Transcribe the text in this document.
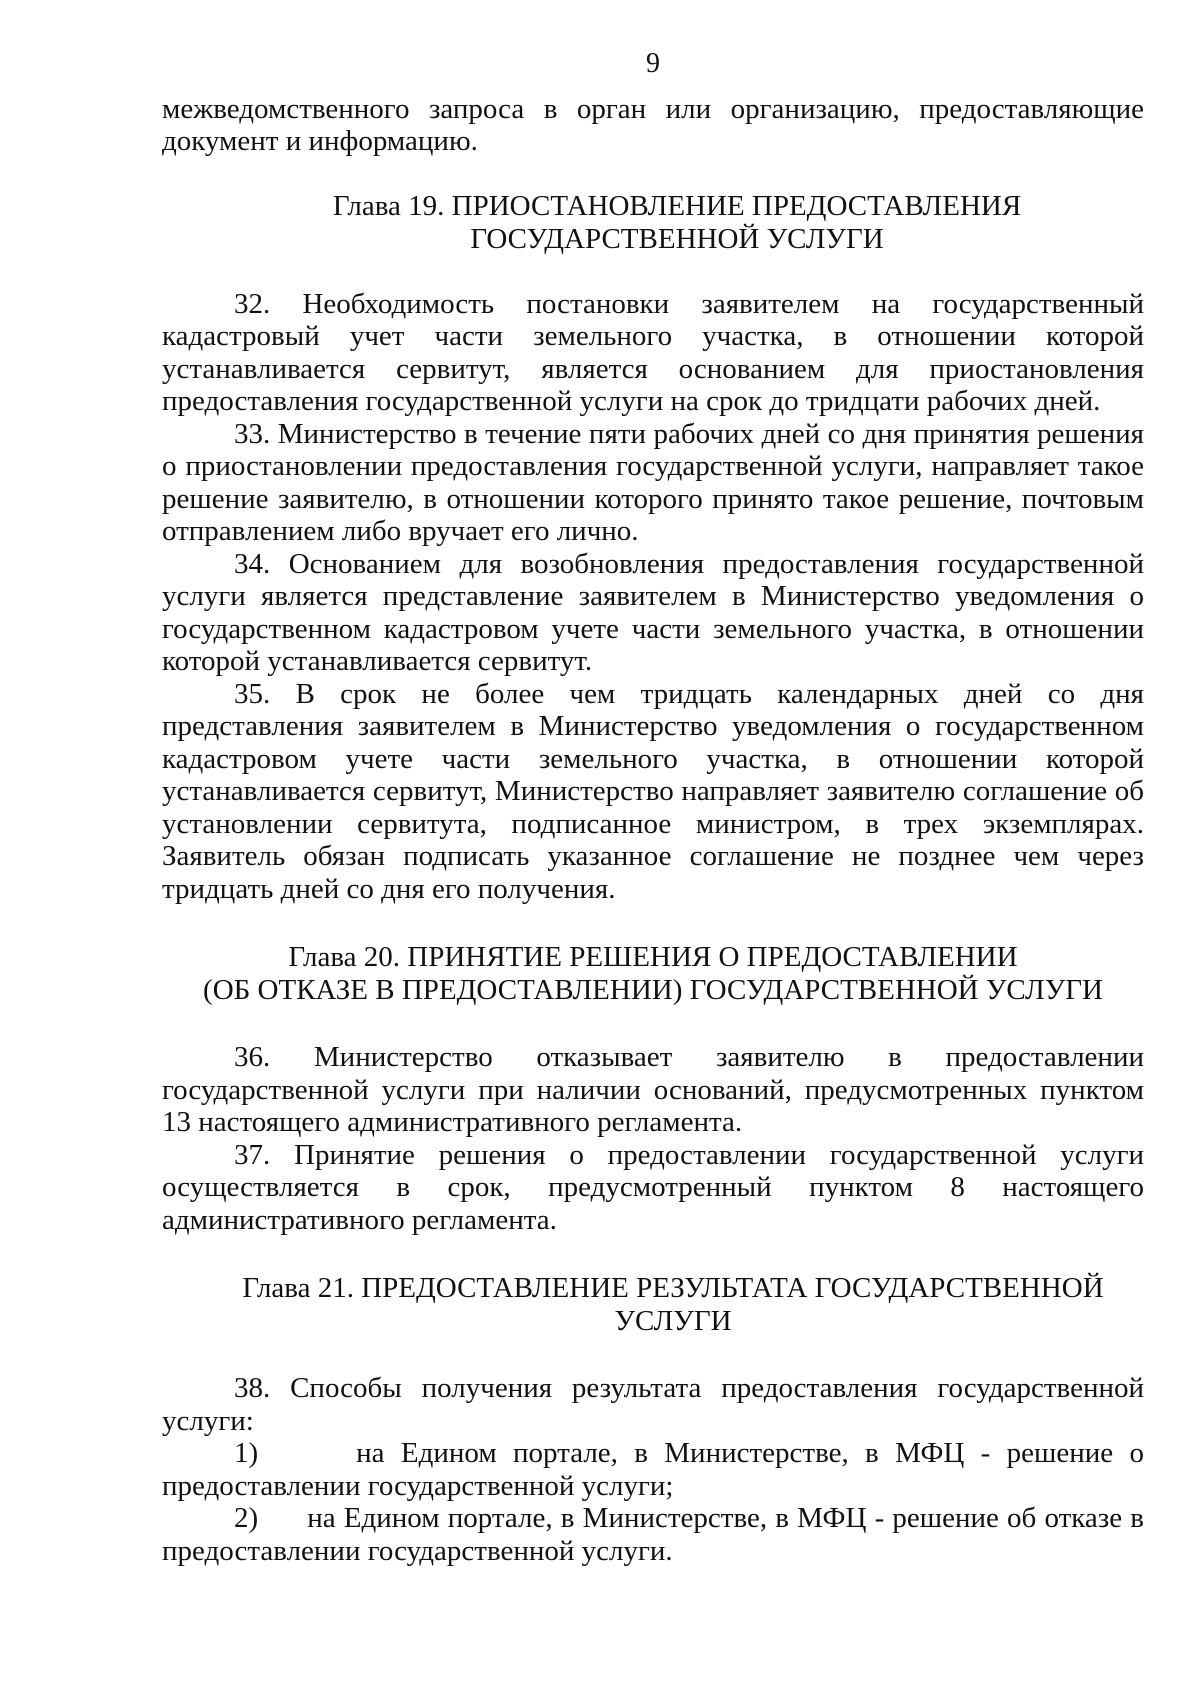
9

межведомственного запроса в орган или организацию, предоставляющие документ и информацию.

Глава 19. ПРИОСТАНОВЛЕНИЕ ПРЕДОСТАВЛЕНИЯ
ГОСУДАРСТВЕННОЙ УСЛУГИ

32. Необходимость постановки заявителем на государственный кадастровый учет части земельного участка, в отношении которой устанавливается сервитут, является основанием для приостановления предоставления государственной услуги на срок до тридцати рабочих дней.

33. Министерство в течение пяти рабочих дней со дня принятия решения о приостановлении предоставления государственной услуги, направляет такое решение заявителю, в отношении которого принято такое решение, почтовым отправлением либо вручает его лично.

34. Основанием для возобновления предоставления государственной услуги является представление заявителем в Министерство уведомления о государственном кадастровом учете части земельного участка, в отношении которой устанавливается сервитут.

35. В срок не более чем тридцать календарных дней со дня представления заявителем в Министерство уведомления о государственном кадастровом учете части земельного участка, в отношении которой устанавливается сервитут, Министерство направляет заявителю соглашение об установлении сервитута, подписанное министром, в трех экземплярах. Заявитель обязан подписать указанное соглашение не позднее чем через тридцать дней со дня его получения.

Глава 20. ПРИНЯТИЕ РЕШЕНИЯ О ПРЕДОСТАВЛЕНИИ
(ОБ ОТКАЗЕ В ПРЕДОСТАВЛЕНИИ) ГОСУДАРСТВЕННОЙ УСЛУГИ

36. Министерство отказывает заявителю в предоставлении государственной услуги при наличии оснований, предусмотренных пунктом 13 настоящего административного регламента.

37. Принятие решения о предоставлении государственной услуги осуществляется в срок, предусмотренный пунктом 8 настоящего административного регламента.

Глава 21. ПРЕДОСТАВЛЕНИЕ РЕЗУЛЬТАТА ГОСУДАРСТВЕННОЙ
УСЛУГИ

38. Способы получения результата предоставления государственной услуги:

1)      на Едином портале, в Министерстве, в МФЦ - решение о предоставлении государственной услуги;

2)      на Едином портале, в Министерстве, в МФЦ - решение об отказе в предоставлении государственной услуги.
